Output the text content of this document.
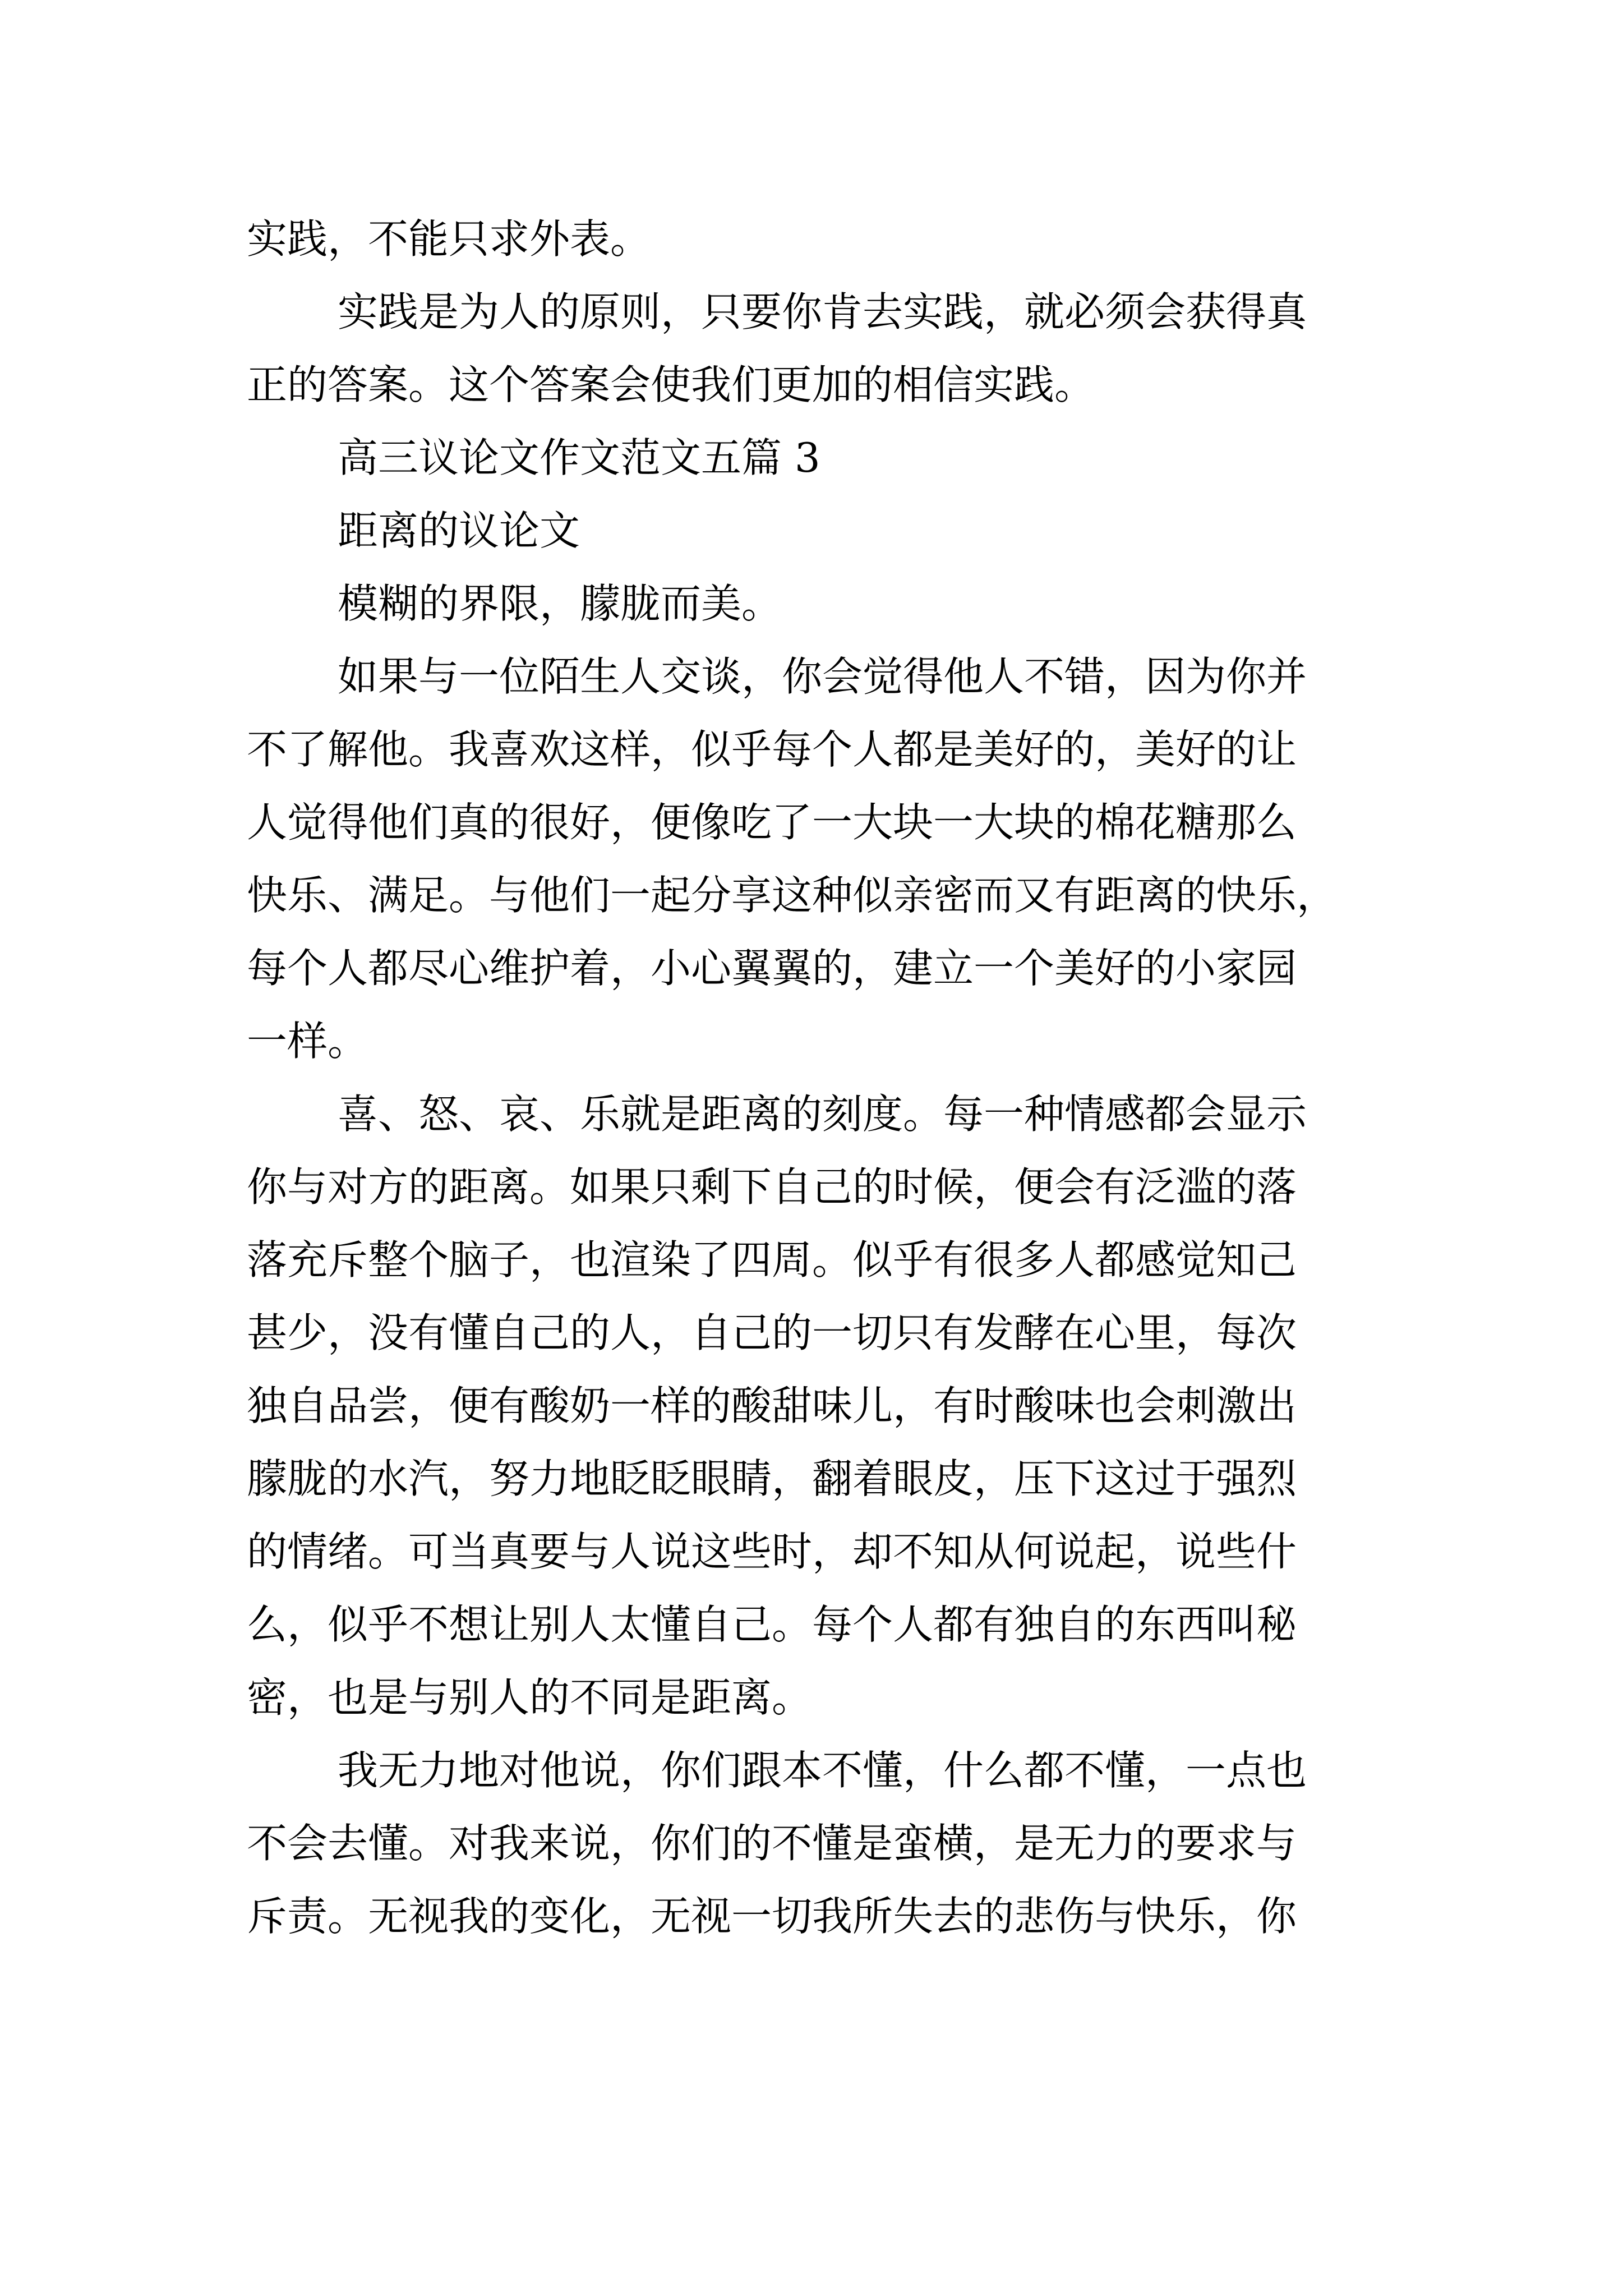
实践，不能只求外表。
实践是为人的原则，只要你肯去实践，就必须会获得真
正的答案。这个答案会使我们更加的相信实践。
高三议论文作文范文五篇 3
距离的议论文
模糊的界限，朦胧而美。
如果与一位陌生人交谈，你会觉得他人不错，因为你并
不了解他。我喜欢这样，似乎每个人都是美好的，美好的让
人觉得他们真的很好，便像吃了一大块一大块的棉花糖那么
快乐、满足。与他们一起分享这种似亲密而又有距离的快乐，
每个人都尽心维护着，小心翼翼的，建立一个美好的小家园
一样。
喜、怒、哀、乐就是距离的刻度。每一种情感都会显示
你与对方的距离。如果只剩下自己的时候，便会有泛滥的落
落充斥整个脑子，也渲染了四周。似乎有很多人都感觉知己
甚少，没有懂自己的人，自己的一切只有发酵在心里，每次
独自品尝，便有酸奶一样的酸甜味儿，有时酸味也会刺激出
朦胧的水汽，努力地眨眨眼睛，翻着眼皮，压下这过于强烈
的情绪。可当真要与人说这些时，却不知从何说起，说些什
么，似乎不想让别人太懂自己。每个人都有独自的东西叫秘
密，也是与别人的不同是距离。
我无力地对他说，你们跟本不懂，什么都不懂，一点也
不会去懂。对我来说，你们的不懂是蛮横，是无力的要求与
斥责。无视我的变化，无视一切我所失去的悲伤与快乐，你
